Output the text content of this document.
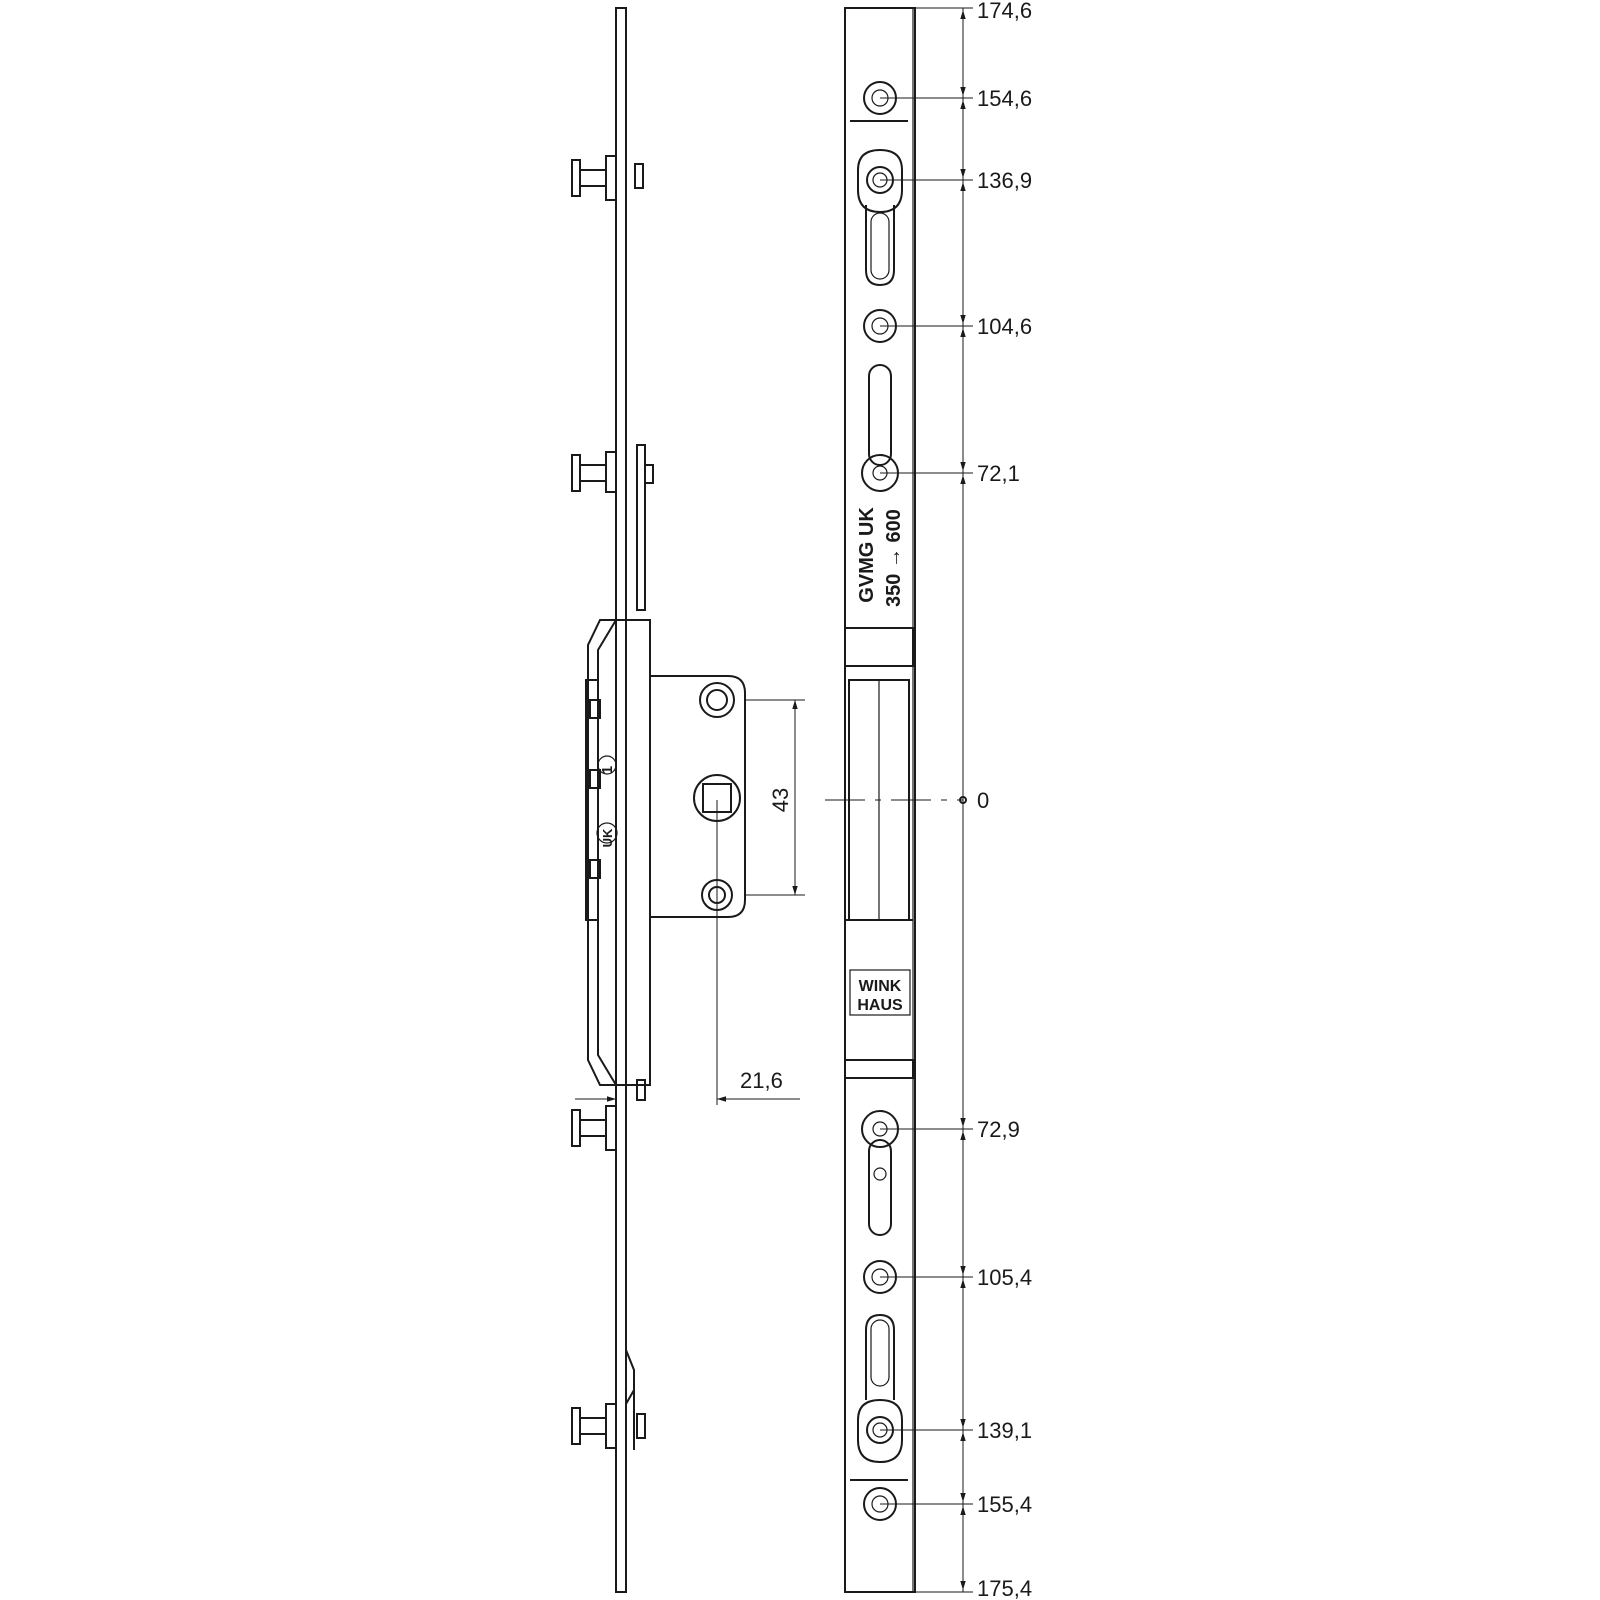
1
UK
43
21,6
GVMG UK 350 → 600
WINK
HAUS
174,6
154,6
136,9
104,6
72,1
0
72,9
105,4
139,1
155,4
175,4
